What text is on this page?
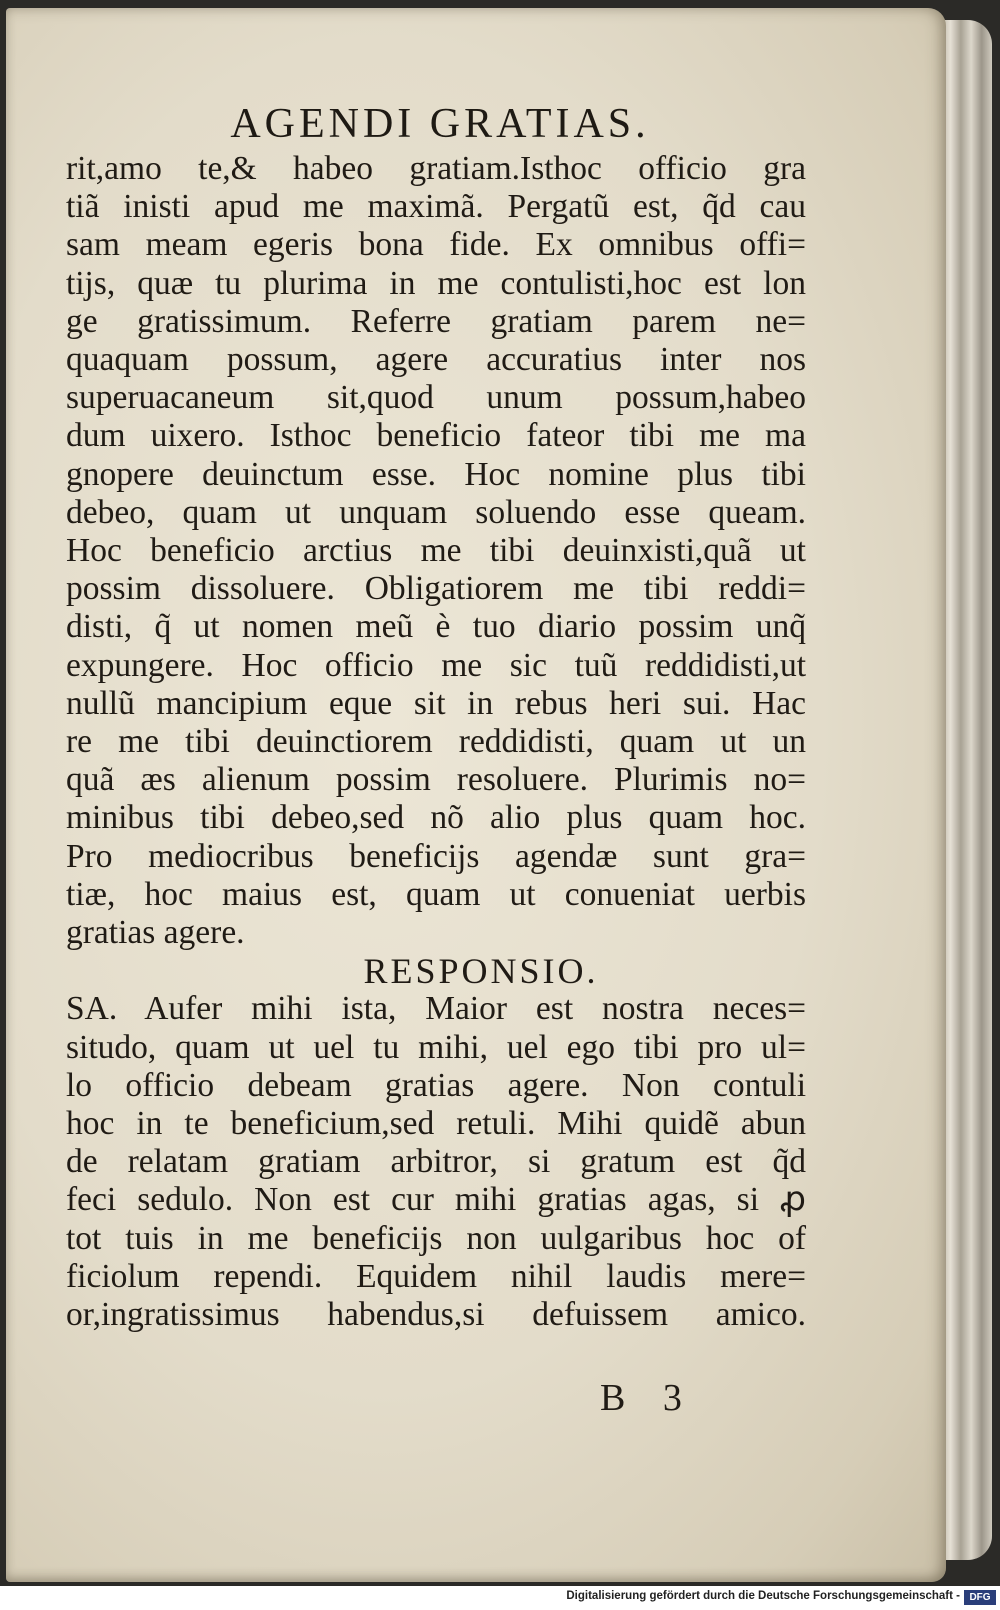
AGENDI GRATIAS.
rit,amo te,& habeo gratiam.Isthoc officio gra
tiã inisti apud me maximã. Pergatũ est, q̃d cau
sam meam egeris bona fide. Ex omnibus offi=
tĳs, quæ tu plurima in me contulisti,hoc est lon
ge gratissimum. Referre gratiam parem ne=
quaquam possum, agere accuratius inter nos
superuacaneum sit,quod unum possum,habeo
dum uixero. Isthoc beneficio fateor tibi me ma
gnopere deuinctum esse. Hoc nomine plus tibi
debeo, quam ut unquam soluendo esse queam.
Hoc beneficio arctius me tibi deuinxisti,quã ut
possim dissoluere. Obligatiorem me tibi reddi=
disti, q̃ ut nomen meũ è tuo diario possim unq̃
expungere. Hoc officio me sic tuũ reddidisti,ut
nullũ mancipium eque sit in rebus heri sui. Hac
re me tibi deuinctiorem reddidisti, quam ut un
quã æs alienum possim resoluere. Plurimis no=
minibus tibi debeo,sed nõ alio plus quam hoc.
Pro mediocribus beneficĳs agendæ sunt gra=
tiæ, hoc maius est, quam ut conueniat uerbis
gratias agere.
RESPONSIO.
SA. Aufer mihi ista, Maior est nostra neces=
situdo, quam ut uel tu mihi, uel ego tibi pro ul=
lo officio debeam gratias agere. Non contuli
hoc in te beneficium,sed retuli. Mihi quidẽ abun
de relatam gratiam arbitror, si gratum est q̃d
feci sedulo. Non est cur mihi gratias agas, si ꝓ
tot tuis in me beneficĳs non uulgaribus hoc of
ficiolum rependi. Equidem nihil laudis mere=
or,ingratissimus habendus,si defuissem amico.
B 3
Digitalisierung gefördert durch die Deutsche Forschungsgemeinschaft - DFG
